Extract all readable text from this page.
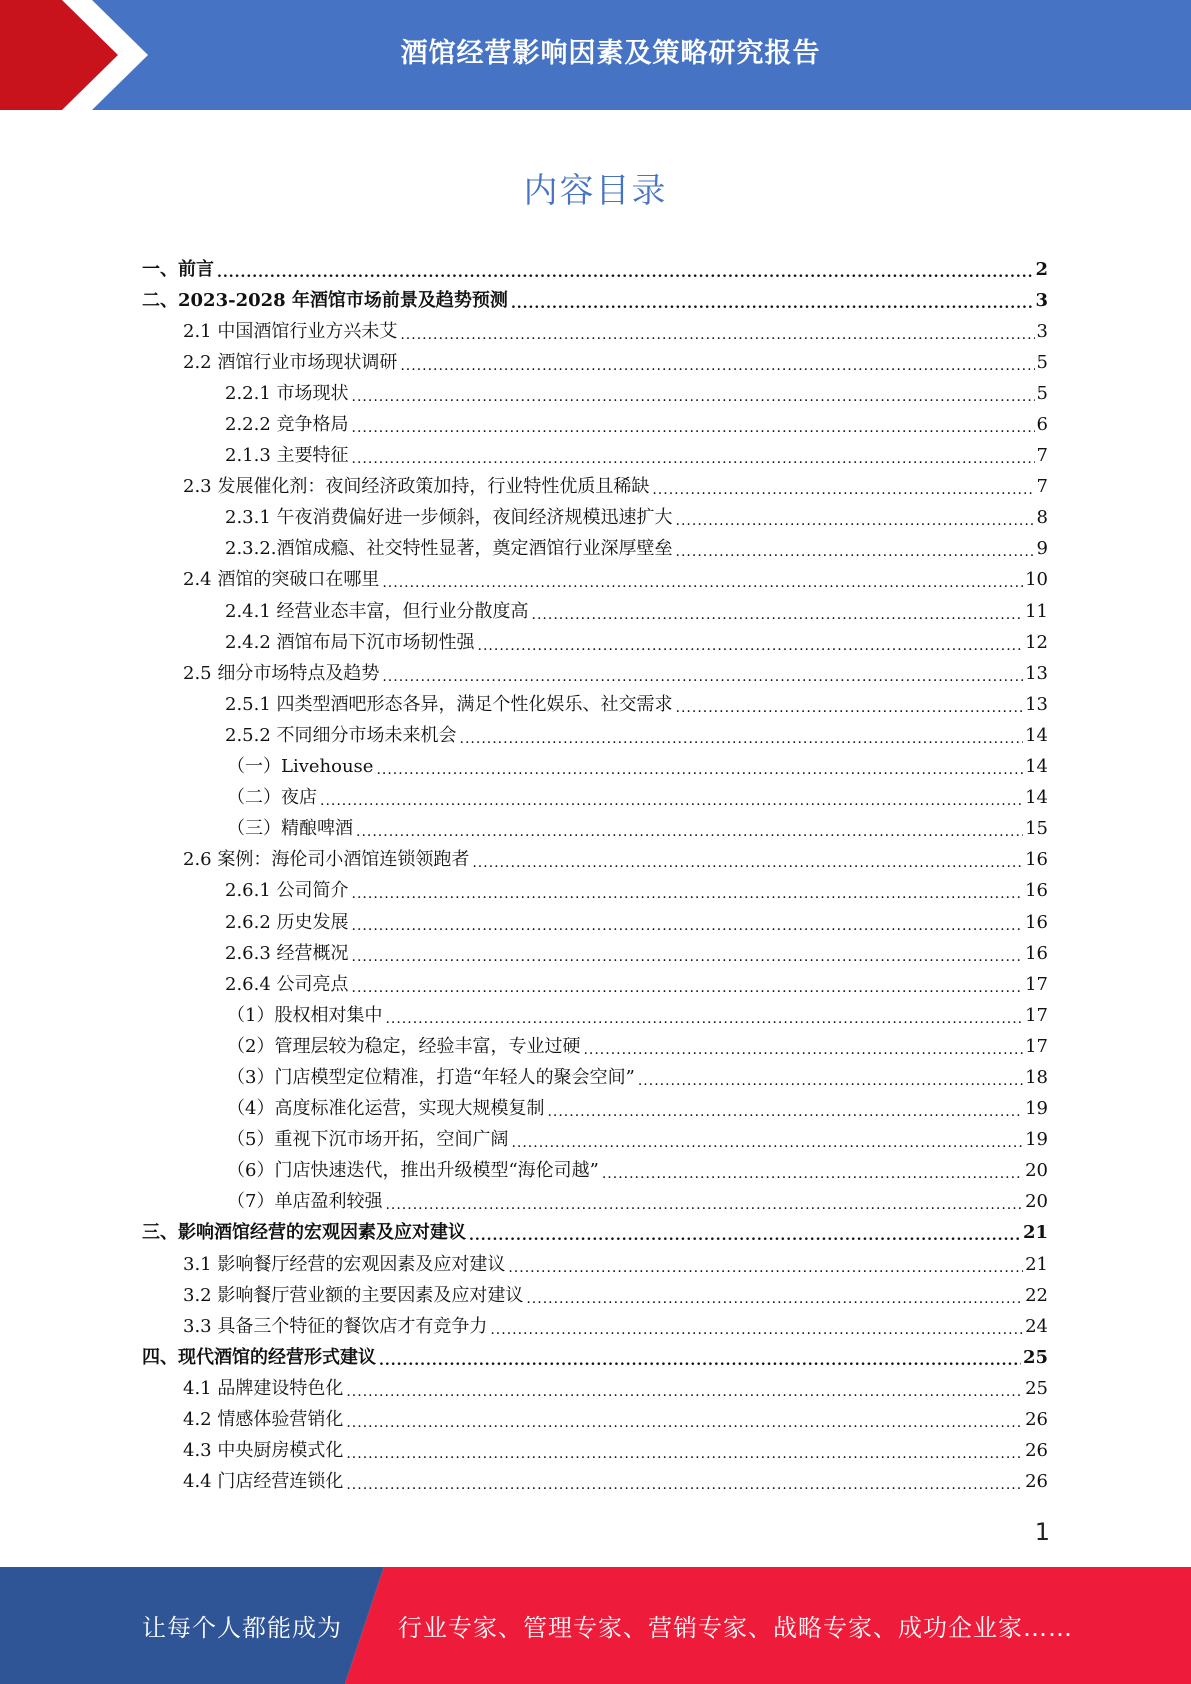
酒馆经营影响因素及策略研究报告
内容目录
一、前言 .....	2
二、2023-2028 年酒馆市场前景及趋势预测 .....	3
2.1 中国酒馆行业方兴未艾 .....	3
2.2 酒馆行业市场现状调研 .....	5
2.2.1 市场现状 .....	5
2.2.2 竞争格局 .....	6
2.1.3 主要特征 .....	7
2.3 发展催化剂：夜间经济政策加持，行业特性优质且稀缺 .....	7
2.3.1 午夜消费偏好进一步倾斜，夜间经济规模迅速扩大 .....	8
2.3.2.酒馆成瘾、社交特性显著，奠定酒馆行业深厚壁垒 .....	9
2.4 酒馆的突破口在哪里 .....	10
2.4.1 经营业态丰富，但行业分散度高 .....	11
2.4.2 酒馆布局下沉市场韧性强 .....	12
2.5 细分市场特点及趋势 .....	13
2.5.1 四类型酒吧形态各异，满足个性化娱乐、社交需求 .....	13
2.5.2 不同细分市场未来机会 .....	14
（一）Livehouse .....	14
（二）夜店 .....	14
（三）精酿啤酒 .....	15
2.6 案例：海伦司小酒馆连锁领跑者 .....	16
2.6.1 公司简介 .....	16
2.6.2 历史发展 .....	16
2.6.3 经营概况 .....	16
2.6.4 公司亮点 .....	17
（1）股权相对集中 .....	17
（2）管理层较为稳定，经验丰富，专业过硬 .....	17
（3）门店模型定位精准，打造“年轻人的聚会空间” .....	18
（4）高度标准化运营，实现大规模复制 .....	19
（5）重视下沉市场开拓，空间广阔 .....	19
（6）门店快速迭代，推出升级模型“海伦司越” .....	20
（7）单店盈利较强 .....	20
三、影响酒馆经营的宏观因素及应对建议 .....	21
3.1 影响餐厅经营的宏观因素及应对建议 .....	21
3.2 影响餐厅营业额的主要因素及应对建议 .....	22
3.3 具备三个特征的餐饮店才有竞争力 .....	24
四、现代酒馆的经营形式建议 .....	25
4.1 品牌建设特色化 .....	25
4.2 情感体验营销化 .....	26
4.3 中央厨房模式化 .....	26
4.4 门店经营连锁化 .....	26
1
让每个人都能成为 行业专家、管理专家、营销专家、战略专家、成功企业家……
